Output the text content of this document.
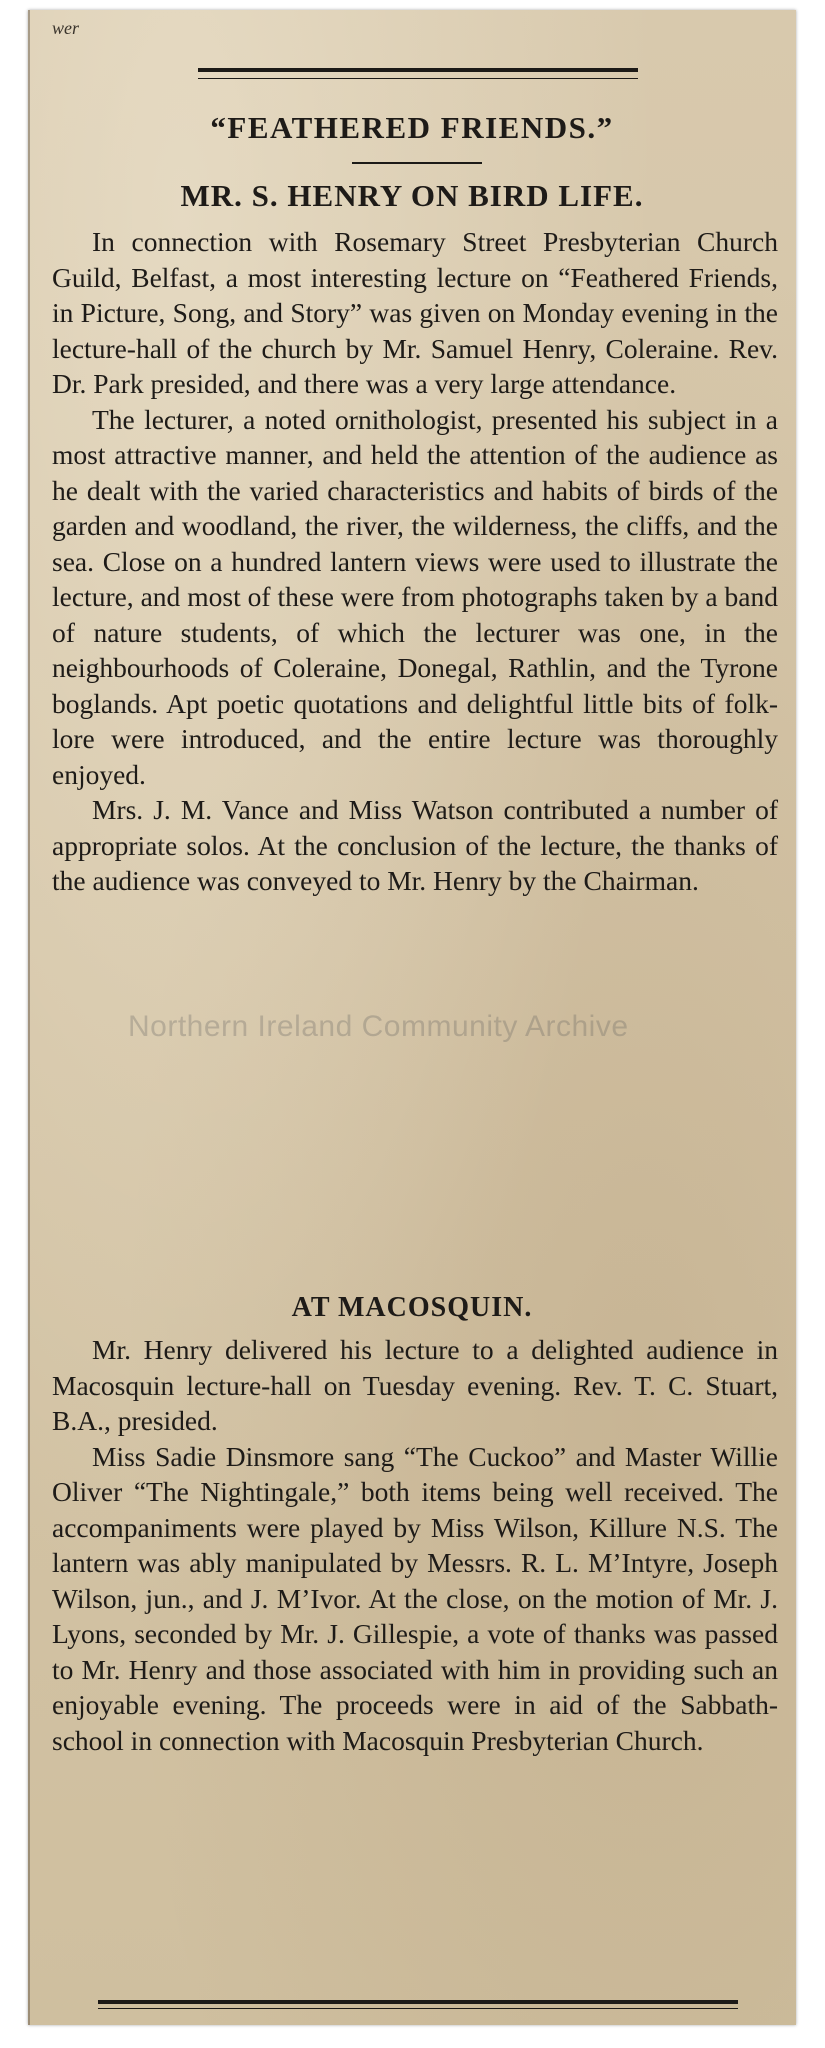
wer
“FEATHERED FRIENDS.”
MR. S. HENRY ON BIRD LIFE.

In connection with Rosemary Street Presbyterian Church Guild, Belfast, a most interesting lecture on “Feathered Friends, in Picture, Song, and Story” was given on Monday evening in the lecture-hall of the church by Mr. Samuel Henry, Coleraine. Rev. Dr. Park presided, and there was a very large attendance.

The lecturer, a noted ornithologist, presented his subject in a most attractive manner, and held the attention of the audience as he dealt with the varied characteristics and habits of birds of the garden and woodland, the river, the wilderness, the cliffs, and the sea. Close on a hundred lantern views were used to illustrate the lecture, and most of these were from photographs taken by a band of nature students, of which the lecturer was one, in the neighbourhoods of Coleraine, Donegal, Rathlin, and the Tyrone boglands. Apt poetic quotations and delightful little bits of folk-lore were introduced, and the entire lecture was thoroughly enjoyed.

Mrs. J. M. Vance and Miss Watson contributed a number of appropriate solos. At the conclusion of the lecture, the thanks of the audience was conveyed to Mr. Henry by the Chairman.

AT MACOSQUIN.

Mr. Henry delivered his lecture to a delighted audience in Macosquin lecture-hall on Tuesday evening. Rev. T. C. Stuart, B.A., presided.

Miss Sadie Dinsmore sang “The Cuckoo” and Master Willie Oliver “The Nightingale,” both items being well received. The accompaniments were played by Miss Wilson, Killure N.S. The lantern was ably manipulated by Messrs. R. L. M’Intyre, Joseph Wilson, jun., and J. M’Ivor. At the close, on the motion of Mr. J. Lyons, seconded by Mr. J. Gillespie, a vote of thanks was passed to Mr. Henry and those associated with him in providing such an enjoyable evening. The proceeds were in aid of the Sabbath-school in connection with Macosquin Presbyterian Church.

Northern Ireland Community Archive
